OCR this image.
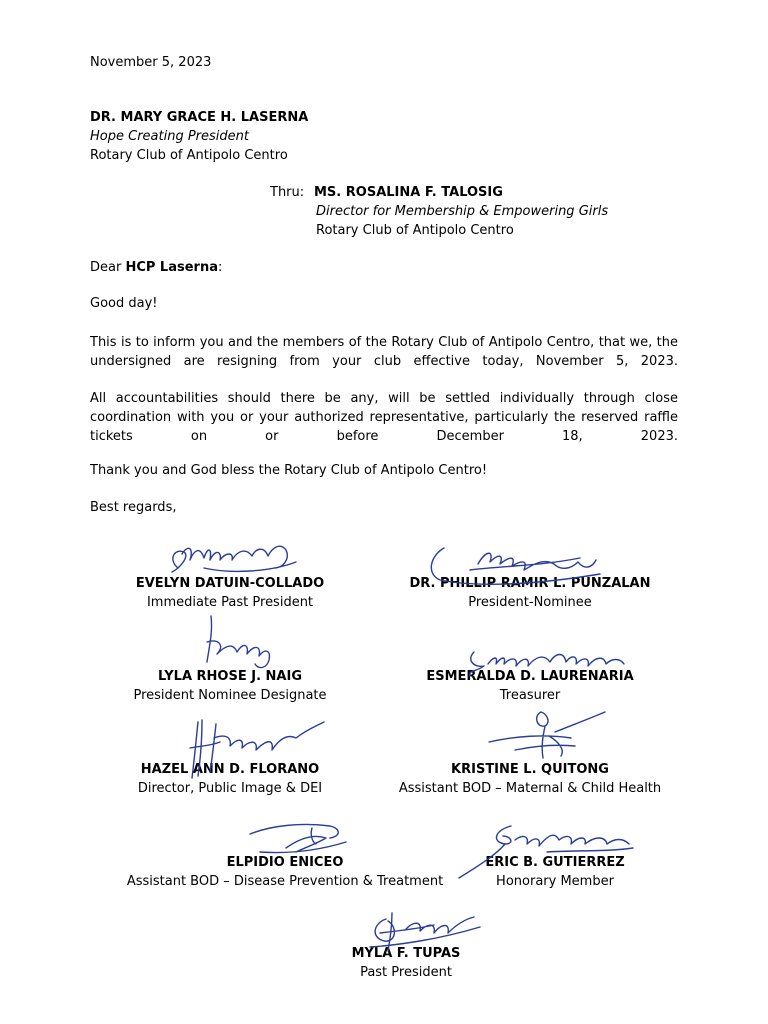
November 5, 2023
DR. MARY GRACE H. LASERNA
Hope Creating President
Rotary Club of Antipolo Centro
Thru: MS. ROSALINA F. TALOSIG
Director for Membership & Empowering Girls
Rotary Club of Antipolo Centro
Dear HCP Laserna:
Good day!
This is to inform you and the members of the Rotary Club of Antipolo Centro, that we, the undersigned are resigning from your club effective today, November 5, 2023.
All accountabilities should there be any, will be settled individually through close coordination with you or your authorized representative, particularly the reserved raffle tickets on or before December 18, 2023.
Thank you and God bless the Rotary Club of Antipolo Centro!
Best regards,
EVELYN DATUIN-COLLADO
Immediate Past President
DR. PHILLIP RAMIR L. PUNZALAN
President-Nominee
LYLA RHOSE J. NAIG
President Nominee Designate
ESMERALDA D. LAURENARIA
Treasurer
HAZEL ANN D. FLORANO
Director, Public Image & DEI
KRISTINE L. QUITONG
Assistant BOD – Maternal & Child Health
ELPIDIO ENICEO
Assistant BOD – Disease Prevention & Treatment
ERIC B. GUTIERREZ
Honorary Member
MYLA F. TUPAS
Past President
